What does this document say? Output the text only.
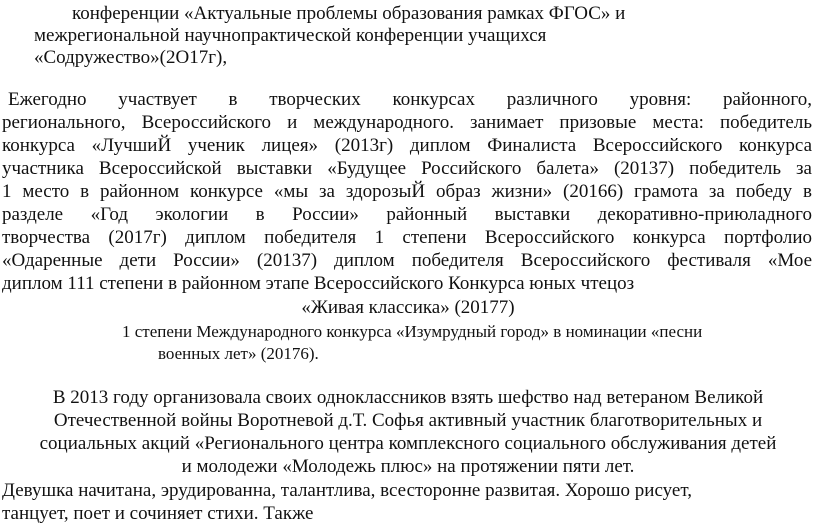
конференции «Актуальные проблемы образования рамках ФГОС» и
межрегиональной научнопрактической конференции учащихся
«Содружество»(2О17г),
Ежегодно участвует в творческих конкурсах различного уровня: районного,
регионального, Всероссийского и международного. занимает призовые места: победитель
конкурса «ЛучшиЙ ученик лицея» (2013г) диплом Финалиста Всероссийского конкурса
участника Всероссийской выставки «Будущее Российского балета» (20137) победитель за
1 место в районном конкурсе «мы за здорозыЙ образ жизни» (20166) грамота за победу в
разделе «Год экологии в России» районный выставки декоративно-приюладного
творчества (2017г) диплом победителя 1 степени Всероссийского конкурса портфолио
«Одаренные дети России» (20137) диплом победителя Всероссийского фестиваля «Мое
диплом 111 степени в районном этапе Всероссийского Конкурса юных чтецоз
«Живая классика» (20177)
1 степени Международного конкурса «Изумрудный город» в номинации «песни
военных лет» (20176).
В 2013 году организовала своих одноклассников взять шефство над ветераном Великой
Отечественной войны Воротневой д.Т. Софья активный участник благотворительных и
социальных акций «Регионального центра комплексного социального обслуживания детей
и молодежи «Молодежь плюс» на протяжении пяти лет.
Девушка начитана, эрудированна, талантлива, всесторонне развитая. Хорошо рисует,
танцует, поет и сочиняет стихи. Также
